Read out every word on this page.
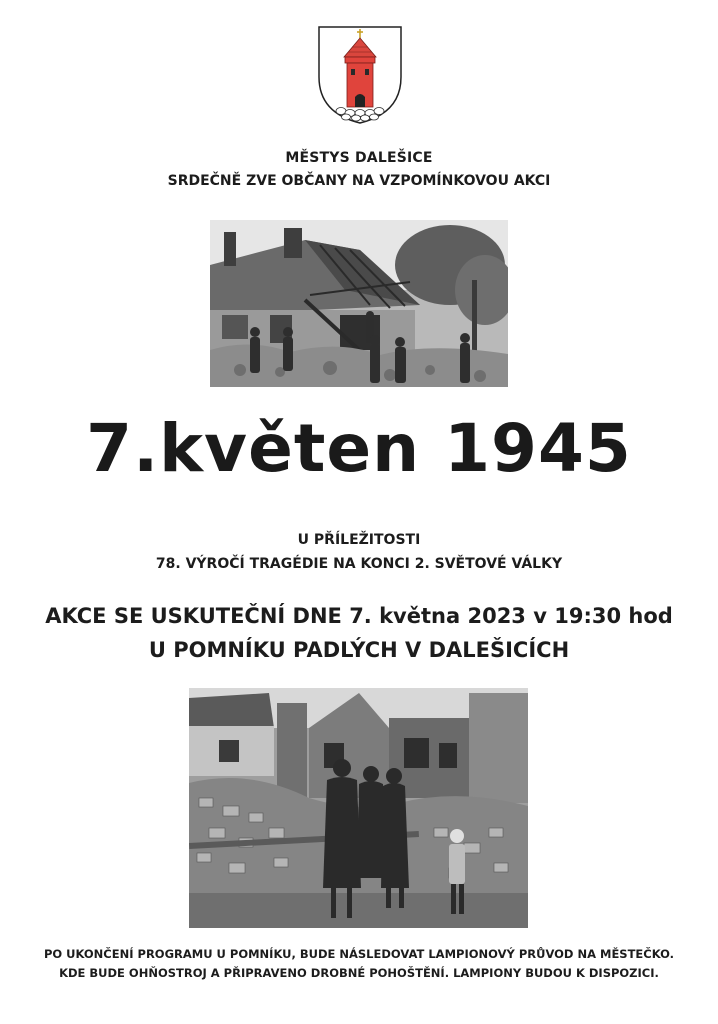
MĚSTYS DALEŠICE
SRDEČNĚ ZVE OBČANY NA VZPOMÍNKOVOU AKCI
7.květen 1945
U PŘÍLEŽITOSTI
78. VÝROČÍ TRAGÉDIE NA KONCI 2. SVĚTOVÉ VÁLKY
AKCE SE USKUTEČNÍ DNE 7. května 2023 v 19:30 hod
U POMNÍKU PADLÝCH V DALEŠICÍCH
PO UKONČENÍ PROGRAMU U POMNÍKU, BUDE NÁSLEDOVAT LAMPIONOVÝ PRŮVOD NA MĚSTEČKO.
KDE BUDE OHŇOSTROJ A PŘIPRAVENO DROBNÉ POHOŠTĚNÍ. LAMPIONY BUDOU K DISPOZICI.
